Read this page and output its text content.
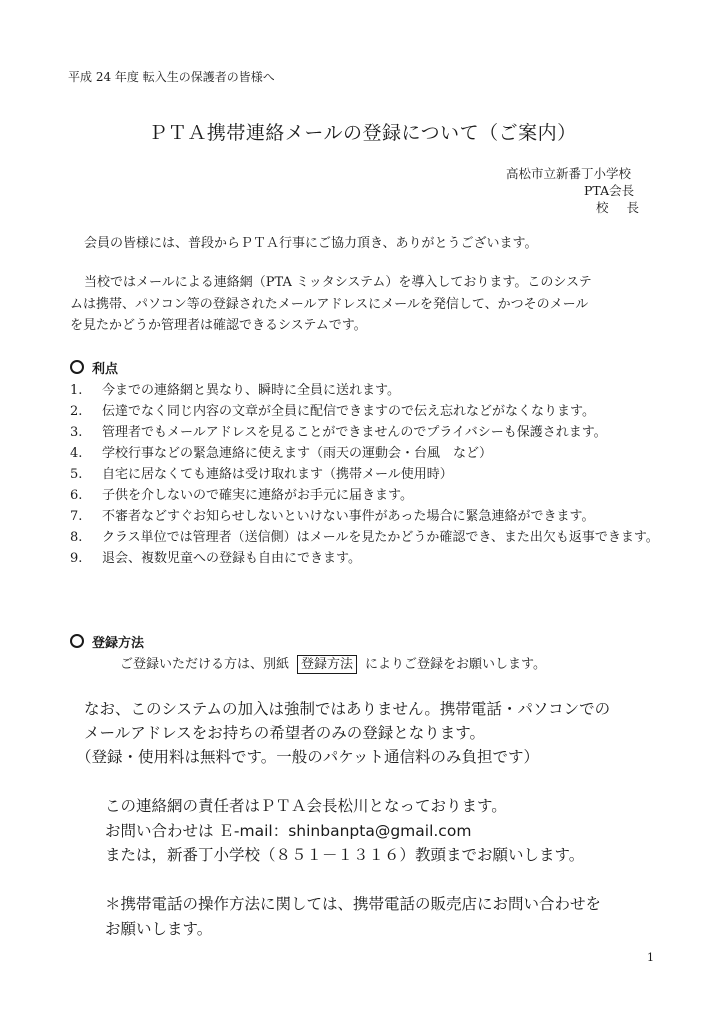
平成 24 年度 転入生の保護者の皆様へ
ＰＴＡ携帯連絡メールの登録について（ご案内）
高松市立新番丁小学校
PTA会長
校長
会員の皆様には、普段からＰＴＡ行事にご協力頂き、ありがとうございます。
当校ではメールによる連絡網（PTA ミッタシステム）を導入しております。このシステ
ムは携帯、パソコン等の登録されたメールアドレスにメールを発信して、かつそのメール
を見たかどうか管理者は確認できるシステムです。
利点
1.	今までの連絡網と異なり、瞬時に全員に送れます。
2.	伝達でなく同じ内容の文章が全員に配信できますので伝え忘れなどがなくなります。
3.	管理者でもメールアドレスを見ることができませんのでプライバシーも保護されます。
4.	学校行事などの緊急連絡に使えます（雨天の運動会・台風　など）
5.	自宅に居なくても連絡は受け取れます（携帯メール使用時）
6.	子供を介しないので確実に連絡がお手元に届きます。
7.	不審者などすぐお知らせしないといけない事件があった場合に緊急連絡ができます。
8.	クラス単位では管理者（送信側）はメールを見たかどうか確認でき、また出欠も返事できます。
9.	退会、複数児童への登録も自由にできます。
登録方法
ご登録いただける方は、別紙 登録方法 によりご登録をお願いします。
なお、このシステムの加入は強制ではありません。携帯電話・パソコンでの
メールアドレスをお持ちの希望者のみの登録となります。
（登録・使用料は無料です。一般のパケット通信料のみ負担です）
この連絡網の責任者はＰＴＡ会長松川となっております。
お問い合わせは Ｅ-mail：shinbanpta@gmail.com
または，新番丁小学校（８５１－１３１６）教頭までお願いします。
＊携帯電話の操作方法に関しては、携帯電話の販売店にお問い合わせを
お願いします。
1
